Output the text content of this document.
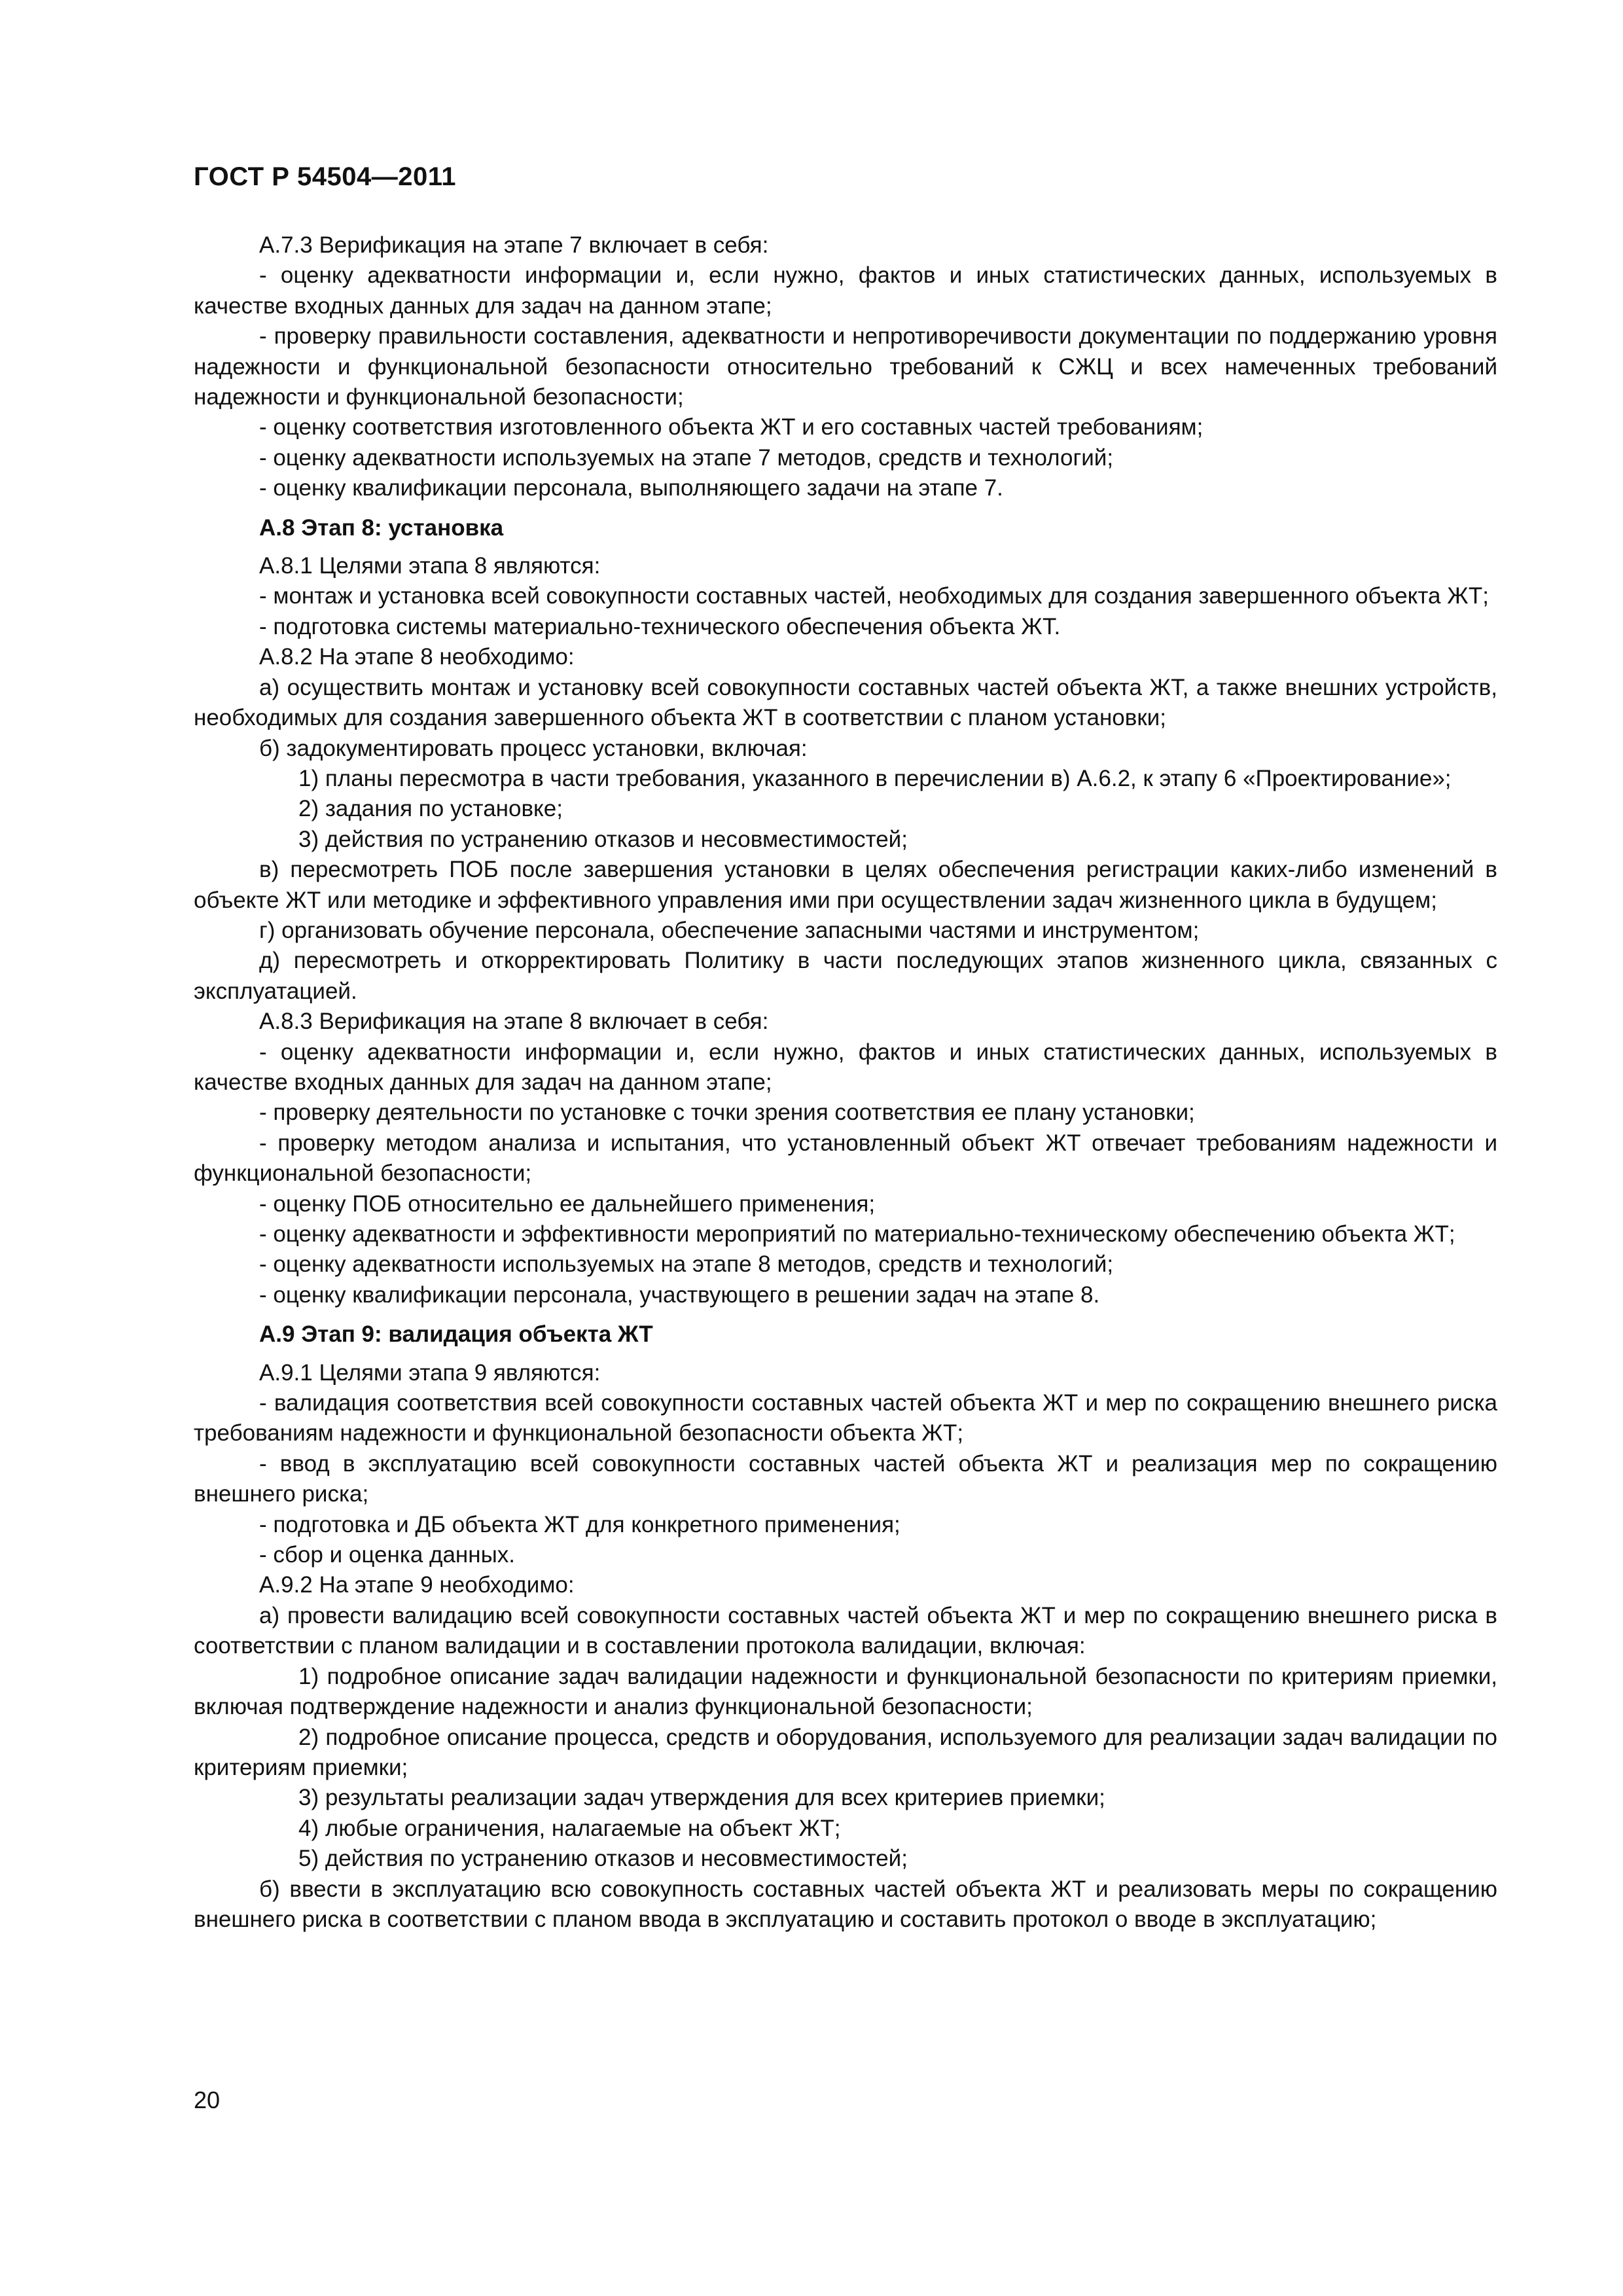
ГОСТ Р 54504—2011

А.7.3 Верификация на этапе 7 включает в себя:

- оценку адекватности информации и, если нужно, фактов и иных статистических данных, используемых в качестве входных данных для задач на данном этапе;

- проверку правильности составления, адекватности и непротиворечивости документации по поддержанию уровня надежности и функциональной безопасности относительно требований к СЖЦ и всех намеченных требований надежности и функциональной безопасности;

- оценку соответствия изготовленного объекта ЖТ и его составных частей требованиям;

- оценку адекватности используемых на этапе 7 методов, средств и технологий;

- оценку квалификации персонала, выполняющего задачи на этапе 7.

А.8 Этап 8: установка

А.8.1 Целями этапа 8 являются:

- монтаж и установка всей совокупности составных частей, необходимых для создания завершенного объекта ЖТ;

- подготовка системы материально-технического обеспечения объекта ЖТ.

А.8.2 На этапе 8 необходимо:

а) осуществить монтаж и установку всей совокупности составных частей объекта ЖТ, а также внешних устройств, необходимых для создания завершенного объекта ЖТ в соответствии с планом установки;

б) задокументировать процесс установки, включая:

1) планы пересмотра в части требования, указанного в перечислении в) А.6.2, к этапу 6 «Проектирование»;

2) задания по установке;

3) действия по устранению отказов и несовместимостей;

в) пересмотреть ПОБ после завершения установки в целях обеспечения регистрации каких-либо изменений в объекте ЖТ или методике и эффективного управления ими при осуществлении задач жизненного цикла в будущем;

г) организовать обучение персонала, обеспечение запасными частями и инструментом;

д) пересмотреть и откорректировать Политику в части последующих этапов жизненного цикла, связанных с эксплуатацией.

А.8.3 Верификация на этапе 8 включает в себя:

- оценку адекватности информации и, если нужно, фактов и иных статистических данных, используемых в качестве входных данных для задач на данном этапе;

- проверку деятельности по установке с точки зрения соответствия ее плану установки;

- проверку методом анализа и испытания, что установленный объект ЖТ отвечает требованиям надежности и функциональной безопасности;

- оценку ПОБ относительно ее дальнейшего применения;

- оценку адекватности и эффективности мероприятий по материально-техническому обеспечению объекта ЖТ;

- оценку адекватности используемых на этапе 8 методов, средств и технологий;

- оценку квалификации персонала, участвующего в решении задач на этапе 8.

А.9 Этап 9: валидация объекта ЖТ

А.9.1 Целями этапа 9 являются:

- валидация соответствия всей совокупности составных частей объекта ЖТ и мер по сокращению внешнего риска требованиям надежности и функциональной безопасности объекта ЖТ;

- ввод в эксплуатацию всей совокупности составных частей объекта ЖТ и реализация мер по сокращению внешнего риска;

- подготовка и ДБ объекта ЖТ для конкретного применения;

- сбор и оценка данных.

А.9.2 На этапе 9 необходимо:

а) провести валидацию всей совокупности составных частей объекта ЖТ и мер по сокращению внешнего риска в соответствии с планом валидации и в составлении протокола валидации, включая:

1) подробное описание задач валидации надежности и функциональной безопасности по критериям приемки, включая подтверждение надежности и анализ функциональной безопасности;

2) подробное описание процесса, средств и оборудования, используемого для реализации задач валидации по критериям приемки;

3) результаты реализации задач утверждения для всех критериев приемки;

4) любые ограничения, налагаемые на объект ЖТ;

5) действия по устранению отказов и несовместимостей;

б) ввести в эксплуатацию всю совокупность составных частей объекта ЖТ и реализовать меры по сокращению внешнего риска в соответствии с планом ввода в эксплуатацию и составить протокол о вводе в эксплуатацию;

20
